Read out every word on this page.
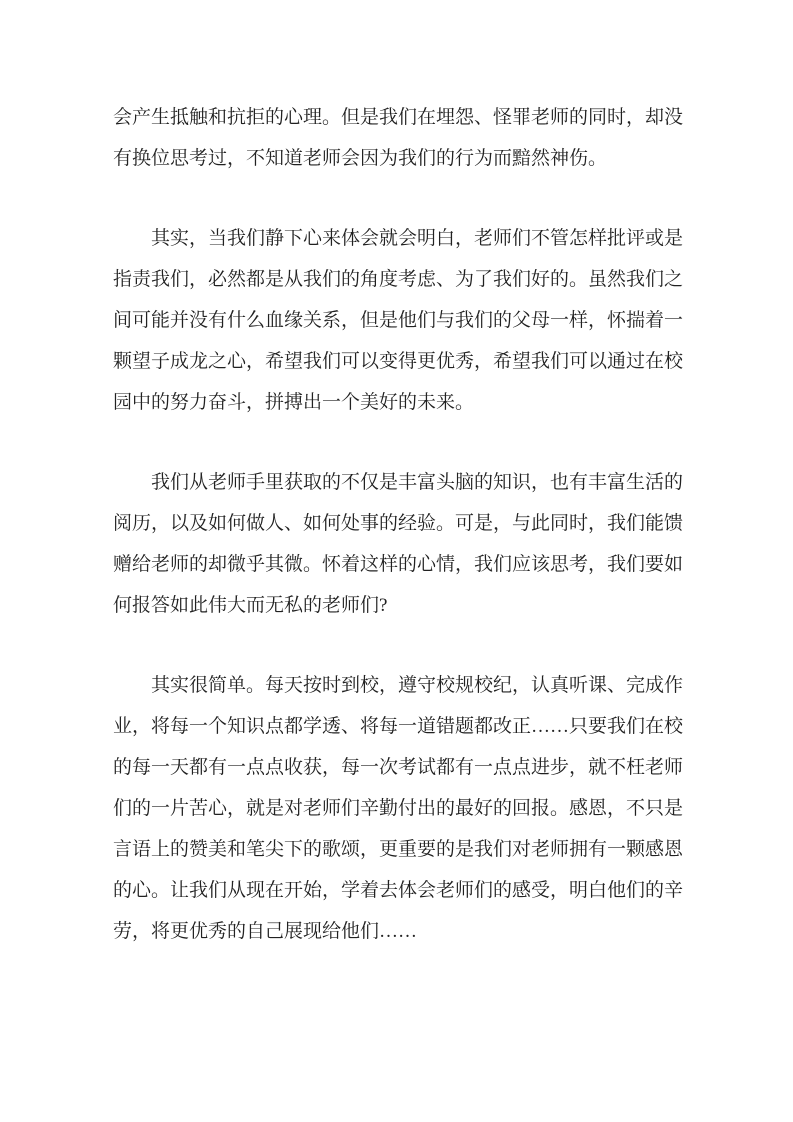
会产生抵触和抗拒的心理。但是我们在埋怨、怪罪老师的同时，却没有换位思考过，不知道老师会因为我们的行为而黯然神伤。

其实，当我们静下心来体会就会明白，老师们不管怎样批评或是指责我们，必然都是从我们的角度考虑、为了我们好的。虽然我们之间可能并没有什么血缘关系，但是他们与我们的父母一样，怀揣着一颗望子成龙之心，希望我们可以变得更优秀，希望我们可以通过在校园中的努力奋斗，拼搏出一个美好的未来。

我们从老师手里获取的不仅是丰富头脑的知识，也有丰富生活的阅历，以及如何做人、如何处事的经验。可是，与此同时，我们能馈赠给老师的却微乎其微。怀着这样的心情，我们应该思考，我们要如何报答如此伟大而无私的老师们?

其实很简单。每天按时到校，遵守校规校纪，认真听课、完成作业，将每一个知识点都学透、将每一道错题都改正……只要我们在校的每一天都有一点点收获，每一次考试都有一点点进步，就不枉老师们的一片苦心，就是对老师们辛勤付出的最好的回报。感恩，不只是言语上的赞美和笔尖下的歌颂，更重要的是我们对老师拥有一颗感恩的心。让我们从现在开始，学着去体会老师们的感受，明白他们的辛劳，将更优秀的自己展现给他们……
